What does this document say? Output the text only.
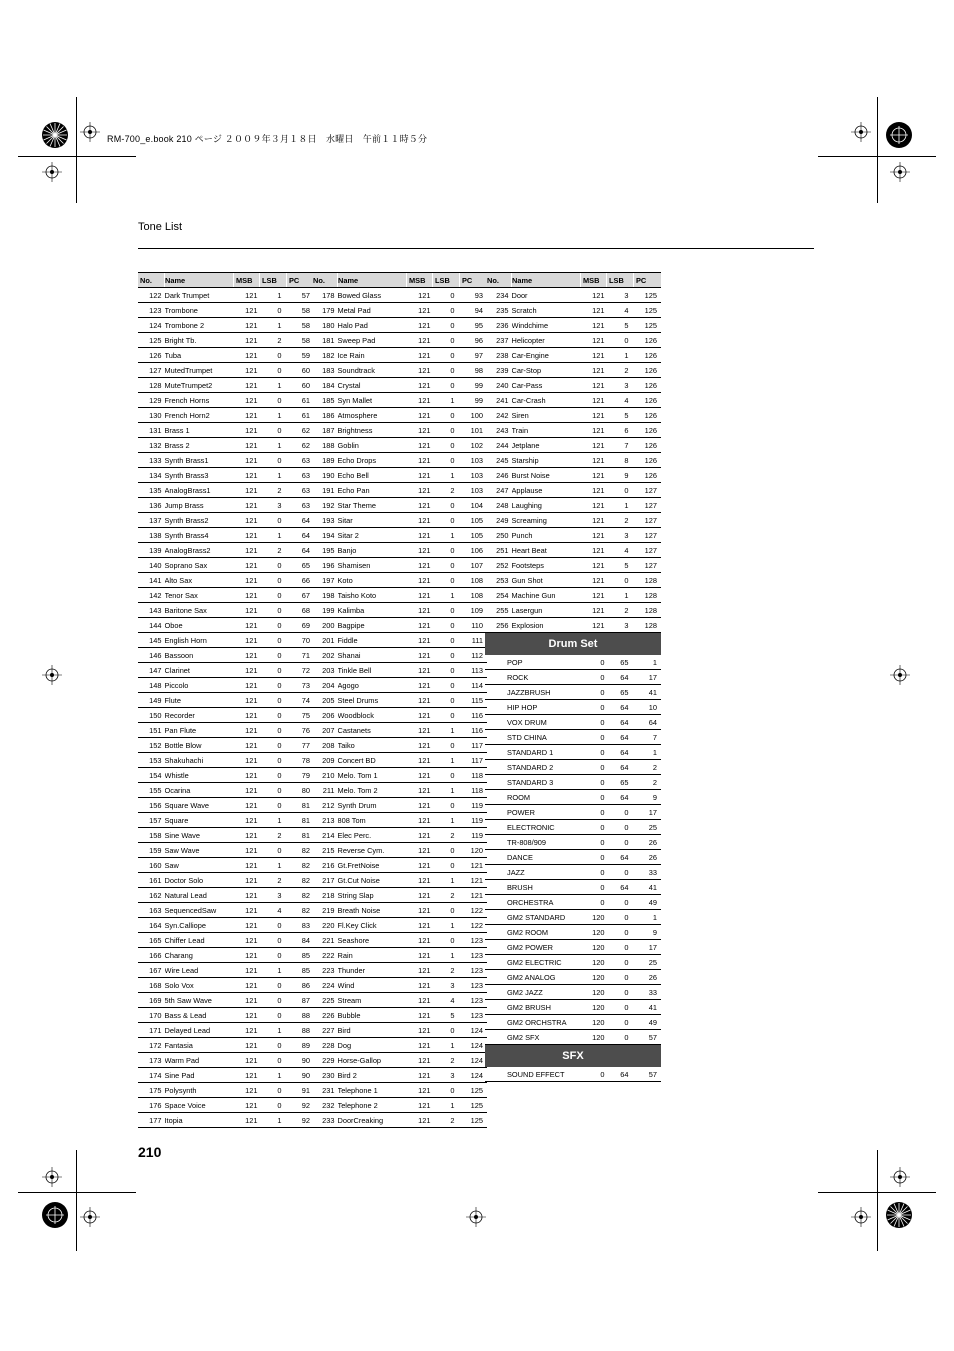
RM-700_e.book 210 ページ ２００９年３月１８日　水曜日　午前１１時５分
Tone List
No.	Name	MSB	LSB	PC
122	Dark Trumpet	121	1	57
123	Trombone	121	0	58
124	Trombone 2	121	1	58
125	Bright Tb.	121	2	58
126	Tuba	121	0	59
127	MutedTrumpet	121	0	60
128	MuteTrumpet2	121	1	60
129	French Horns	121	0	61
130	French Horn2	121	1	61
131	Brass 1	121	0	62
132	Brass 2	121	1	62
133	Synth Brass1	121	0	63
134	Synth Brass3	121	1	63
135	AnalogBrass1	121	2	63
136	Jump Brass	121	3	63
137	Synth Brass2	121	0	64
138	Synth Brass4	121	1	64
139	AnalogBrass2	121	2	64
140	Soprano Sax	121	0	65
141	Alto Sax	121	0	66
142	Tenor Sax	121	0	67
143	Baritone Sax	121	0	68
144	Oboe	121	0	69
145	English Horn	121	0	70
146	Bassoon	121	0	71
147	Clarinet	121	0	72
148	Piccolo	121	0	73
149	Flute	121	0	74
150	Recorder	121	0	75
151	Pan Flute	121	0	76
152	Bottle Blow	121	0	77
153	Shakuhachi	121	0	78
154	Whistle	121	0	79
155	Ocarina	121	0	80
156	Square Wave	121	0	81
157	Square	121	1	81
158	Sine Wave	121	2	81
159	Saw Wave	121	0	82
160	Saw	121	1	82
161	Doctor Solo	121	2	82
162	Natural Lead	121	3	82
163	SequencedSaw	121	4	82
164	Syn.Calliope	121	0	83
165	Chiffer Lead	121	0	84
166	Charang	121	0	85
167	Wire Lead	121	1	85
168	Solo Vox	121	0	86
169	5th Saw Wave	121	0	87
170	Bass & Lead	121	0	88
171	Delayed Lead	121	1	88
172	Fantasia	121	0	89
173	Warm Pad	121	0	90
174	Sine Pad	121	1	90
175	Polysynth	121	0	91
176	Space Voice	121	0	92
177	Itopia	121	1	92
No.	Name	MSB	LSB	PC
178	Bowed Glass	121	0	93
179	Metal Pad	121	0	94
180	Halo Pad	121	0	95
181	Sweep Pad	121	0	96
182	Ice Rain	121	0	97
183	Soundtrack	121	0	98
184	Crystal	121	0	99
185	Syn Mallet	121	1	99
186	Atmosphere	121	0	100
187	Brightness	121	0	101
188	Goblin	121	0	102
189	Echo Drops	121	0	103
190	Echo Bell	121	1	103
191	Echo Pan	121	2	103
192	Star Theme	121	0	104
193	Sitar	121	0	105
194	Sitar 2	121	1	105
195	Banjo	121	0	106
196	Shamisen	121	0	107
197	Koto	121	0	108
198	Taisho Koto	121	1	108
199	Kalimba	121	0	109
200	Bagpipe	121	0	110
201	Fiddle	121	0	111
202	Shanai	121	0	112
203	Tinkle Bell	121	0	113
204	Agogo	121	0	114
205	Steel Drums	121	0	115
206	Woodblock	121	0	116
207	Castanets	121	1	116
208	Taiko	121	0	117
209	Concert BD	121	1	117
210	Melo. Tom 1	121	0	118
211	Melo. Tom 2	121	1	118
212	Synth Drum	121	0	119
213	808 Tom	121	1	119
214	Elec Perc.	121	2	119
215	Reverse Cym.	121	0	120
216	Gt.FretNoise	121	0	121
217	Gt.Cut Noise	121	1	121
218	String Slap	121	2	121
219	Breath Noise	121	0	122
220	Fl.Key Click	121	1	122
221	Seashore	121	0	123
222	Rain	121	1	123
223	Thunder	121	2	123
224	Wind	121	3	123
225	Stream	121	4	123
226	Bubble	121	5	123
227	Bird	121	0	124
228	Dog	121	1	124
229	Horse-Gallop	121	2	124
230	Bird 2	121	3	124
231	Telephone 1	121	0	125
232	Telephone 2	121	1	125
233	DoorCreaking	121	2	125
No.	Name	MSB	LSB	PC
234	Door	121	3	125
235	Scratch	121	4	125
236	Windchime	121	5	125
237	Helicopter	121	0	126
238	Car-Engine	121	1	126
239	Car-Stop	121	2	126
240	Car-Pass	121	3	126
241	Car-Crash	121	4	126
242	Siren	121	5	126
243	Train	121	6	126
244	Jetplane	121	7	126
245	Starship	121	8	126
246	Burst Noise	121	9	126
247	Applause	121	0	127
248	Laughing	121	1	127
249	Screaming	121	2	127
250	Punch	121	3	127
251	Heart Beat	121	4	127
252	Footsteps	121	5	127
253	Gun Shot	121	0	128
254	Machine Gun	121	1	128
255	Lasergun	121	2	128
256	Explosion	121	3	128
Drum Set				
POP		0	65	1
ROCK		0	64	17
JAZZBRUSH		0	65	41
HIP HOP		0	64	10
VOX DRUM		0	64	64
STD CHINA		0	64	7
STANDARD 1		0	64	1
STANDARD 2		0	64	2
STANDARD 3		0	65	2
ROOM		0	64	9
POWER		0	0	17
ELECTRONIC		0	0	25
TR-808/909		0	0	26
DANCE		0	64	26
JAZZ		0	0	33
BRUSH		0	64	41
ORCHESTRA		0	0	49
GM2 STANDARD		120	0	1
GM2 ROOM		120	0	9
GM2 POWER		120	0	17
GM2 ELECTRIC		120	0	25
GM2 ANALOG		120	0	26
GM2 JAZZ		120	0	33
GM2 BRUSH		120	0	41
GM2 ORCHSTRA		120	0	49
GM2 SFX		120	0	57
SFX				
SOUND EFFECT		0	64	57
210
